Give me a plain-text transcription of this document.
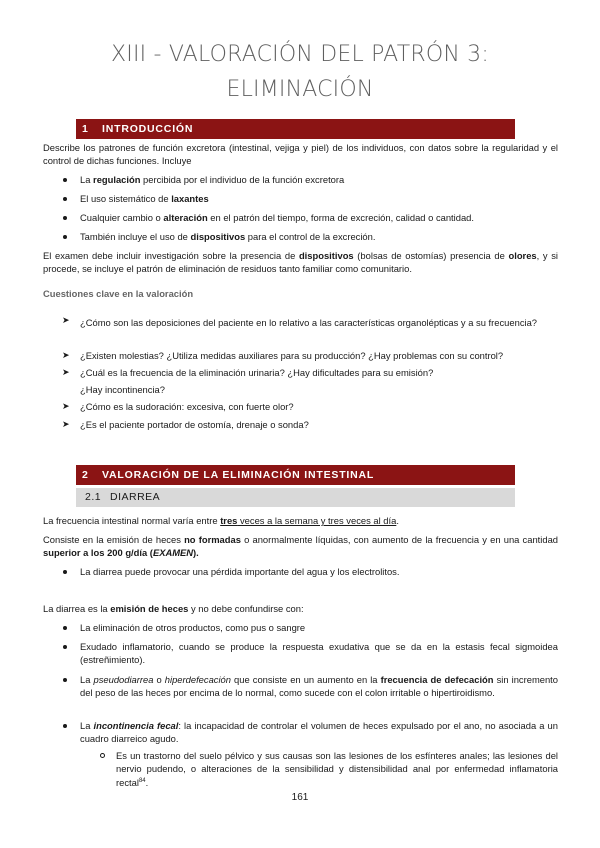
XIII - VALORACIÓN DEL PATRÓN 3:
ELIMINACIÓN
1 INTRODUCCIÓN
Describe los patrones de función excretora (intestinal, vejiga y piel) de los individuos, con datos sobre la regularidad y el control de dichas funciones. Incluye
La regulación percibida por el individuo de la función excretora
El uso sistemático de laxantes
Cualquier cambio o alteración en el patrón del tiempo, forma de excreción, calidad o cantidad.
También incluye el uso de dispositivos para el control de la excreción.
El examen debe incluir investigación sobre la presencia de dispositivos (bolsas de ostomías) presencia de olores, y si procede, se incluye el patrón de eliminación de residuos tanto familiar como comunitario.
Cuestiones clave en la valoración
➤ ¿Cómo son las deposiciones del paciente en lo relativo a las características organolépticas y a su frecuencia?
➤ ¿Existen molestias? ¿Utiliza medidas auxiliares para su producción? ¿Hay problemas con su control?
➤ ¿Cuál es la frecuencia de la eliminación urinaria? ¿Hay dificultades para su emisión?
¿Hay incontinencia?
➤ ¿Cómo es la sudoración: excesiva, con fuerte olor?
➤ ¿Es el paciente portador de ostomía, drenaje o sonda?
2 VALORACIÓN DE LA ELIMINACIÓN INTESTINAL
2.1 DIARREA
La frecuencia intestinal normal varía entre tres veces a la semana y tres veces al día.
Consiste en la emisión de heces no formadas o anormalmente líquidas, con aumento de la frecuencia y en una cantidad superior a los 200 g/día (EXAMEN).
La diarrea puede provocar una pérdida importante del agua y los electrolitos.
La diarrea es la emisión de heces y no debe confundirse con:
La eliminación de otros productos, como pus o sangre
Exudado inflamatorio, cuando se produce la respuesta exudativa que se da en la estasis fecal sigmoidea (estreñimiento).
La pseudodiarrea o hiperdefecación que consiste en un aumento en la frecuencia de defecación sin incremento del peso de las heces por encima de lo normal, como sucede con el colon irritable o hipertiroidismo.
La incontinencia fecal: la incapacidad de controlar el volumen de heces expulsado por el ano, no asociada a un cuadro diarreico agudo.
Es un trastorno del suelo pélvico y sus causas son las lesiones de los esfínteres anales; las lesiones del nervio pudendo, o alteraciones de la sensibilidad y distensibilidad anal por enfermedad inflamatoria rectal$^{84}$.
161
